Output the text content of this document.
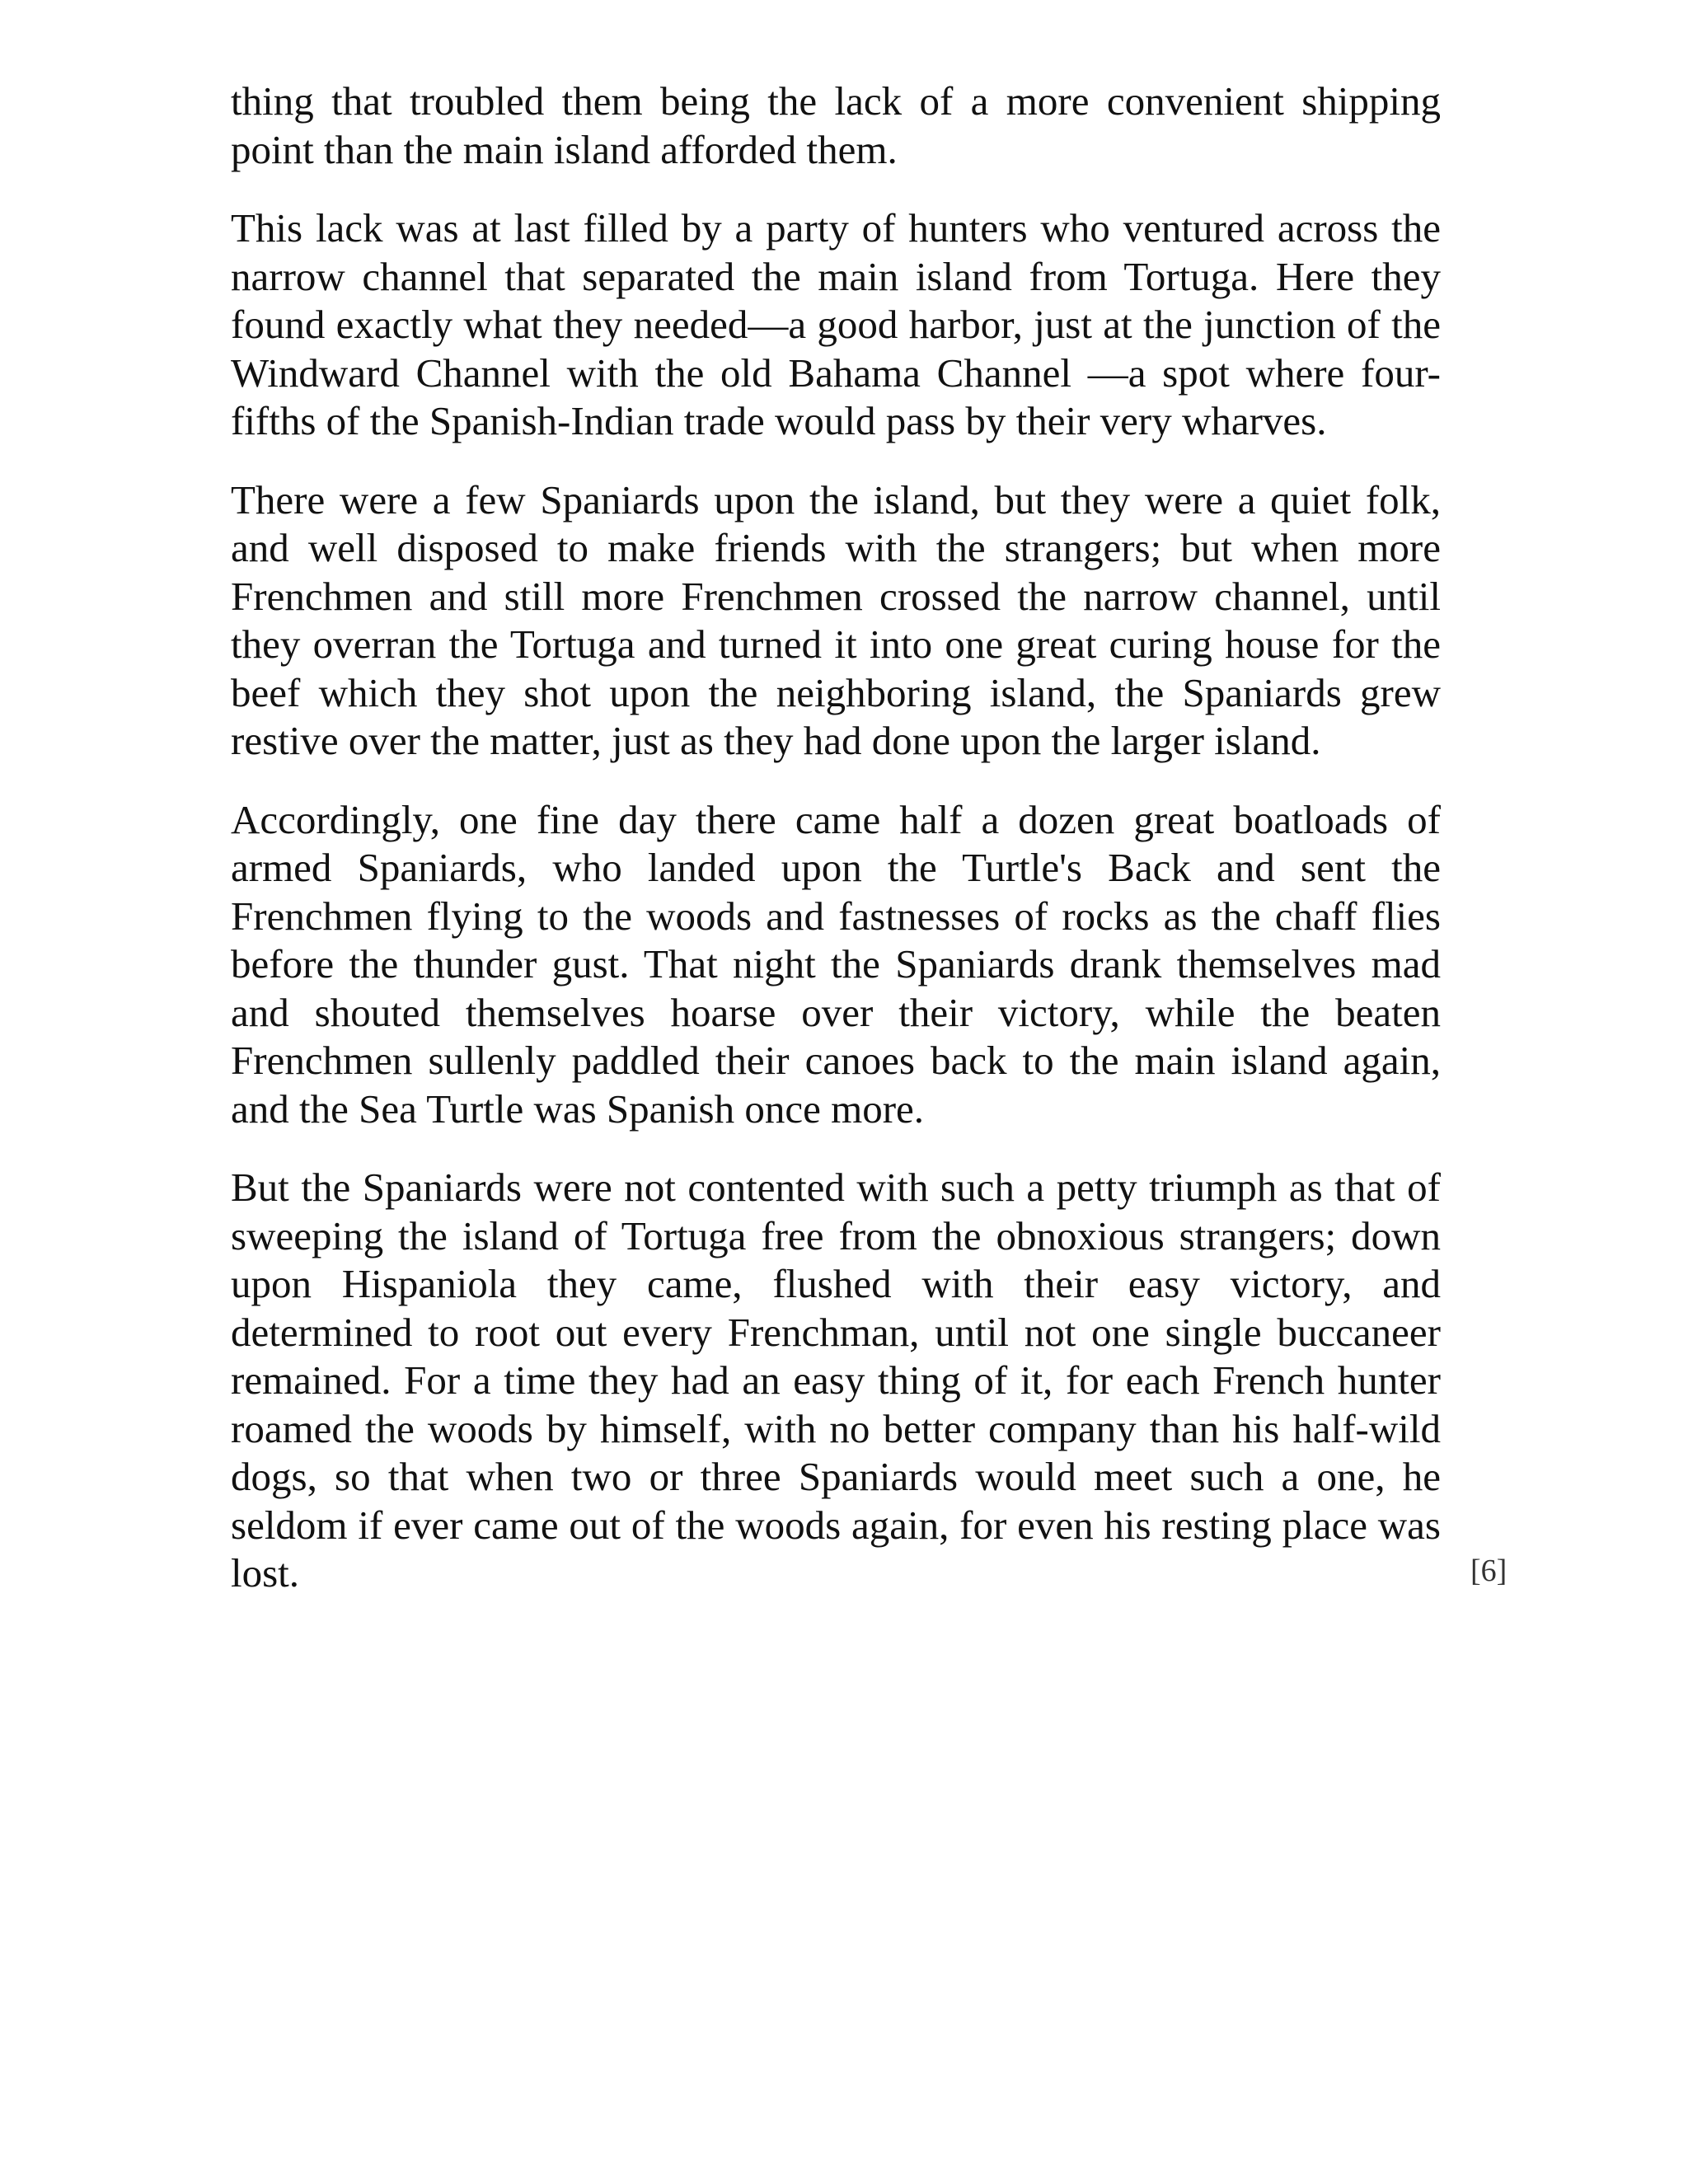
thing that troubled them being the lack of a more convenient shipping point than the main island afforded them.

This lack was at last filled by a party of hunters who ventured across the narrow channel that separated the main island from Tortuga. Here they found exactly what they needed—a good harbor, just at the junction of the Windward Channel with the old Bahama Channel —a spot where four-fifths of the Spanish-Indian trade would pass by their very wharves.

There were a few Spaniards upon the island, but they were a quiet folk, and well disposed to make friends with the strangers; but when more Frenchmen and still more Frenchmen crossed the narrow channel, until they overran the Tortuga and turned it into one great curing house for the beef which they shot upon the neighboring island, the Spaniards grew restive over the matter, just as they had done upon the larger island.

Accordingly, one fine day there came half a dozen great boatloads of armed Spaniards, who landed upon the Turtle's Back and sent the Frenchmen flying to the woods and fastnesses of rocks as the chaff flies before the thunder gust. That night the Spaniards drank themselves mad and shouted themselves hoarse over their victory, while the beaten Frenchmen sullenly paddled their canoes back to the main island again, and the Sea Turtle was Spanish once more.

But the Spaniards were not contented with such a petty triumph as that of sweeping the island of Tortuga free from the obnoxious strangers; down upon Hispaniola they came, flushed with their easy victory, and determined to root out every Frenchman, until not one single buccaneer remained. For a time they had an easy thing of it, for each French hunter roamed the woods by himself, with no better company than his half-wild dogs, so that when two or three Spaniards would meet such a one, he seldom if ever came out of the woods again, for even his resting place was lost.	[6]
